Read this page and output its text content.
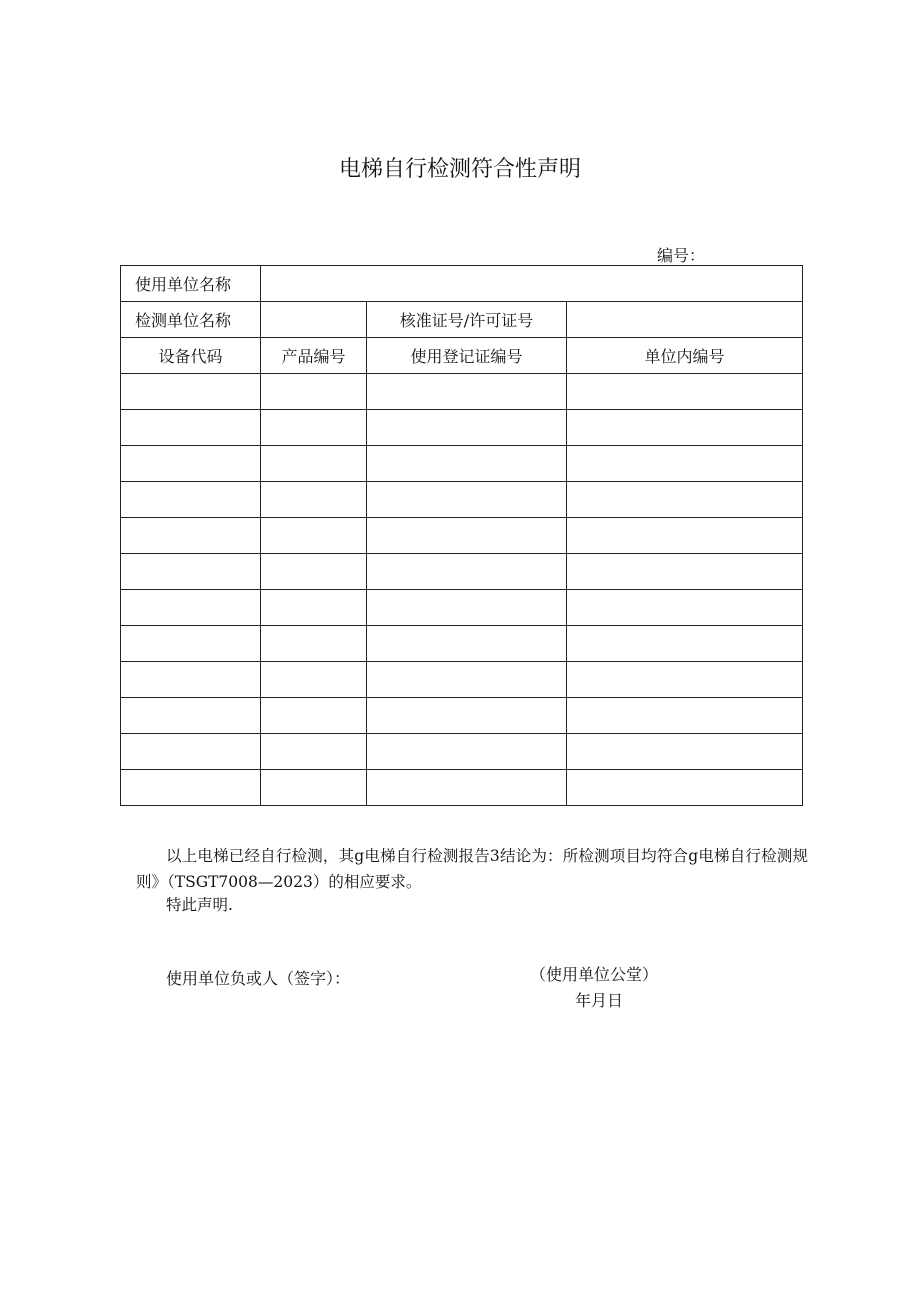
电梯自行检测符合性声明
编号：
使用单位名称			
检测单位名称		核准证号/许可证号	
设备代码	产品编号	使用登记证编号	单位内编号

以上电梯已经自行检测，其g电梯自行检测报告3结论为：所检测项目均符合g电梯自行检测规则》（TSGT7008—2023）的相应要求。
特此声明.
使用单位负或人（签字）：	（使用单位公堂）
年月日
